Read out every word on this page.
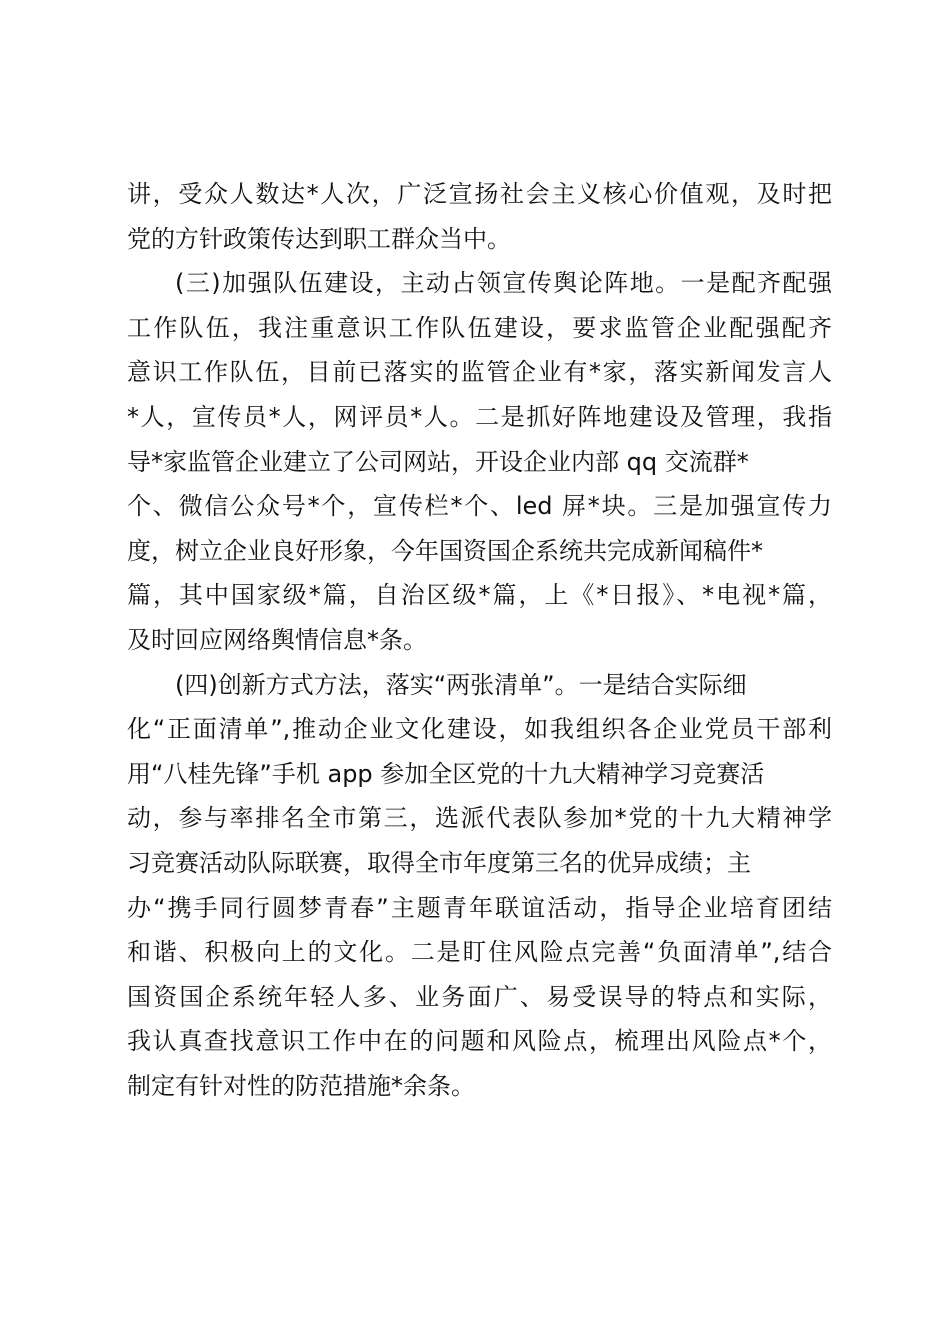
讲，受众人数达*人次，广泛宣扬社会主义核心价值观，及时把
党的方针政策传达到职工群众当中。
(三)加强队伍建设，主动占领宣传舆论阵地。一是配齐配强
工作队伍，我注重意识工作队伍建设，要求监管企业配强配齐
意识工作队伍，目前已落实的监管企业有*家，落实新闻发言人
*人，宣传员*人，网评员*人。二是抓好阵地建设及管理，我指
导*家监管企业建立了公司网站，开设企业内部 qq 交流群*
个、微信公众号*个，宣传栏*个、led 屏*块。三是加强宣传力
度，树立企业良好形象，今年国资国企系统共完成新闻稿件*
篇，其中国家级*篇，自治区级*篇，上《*日报》、*电视*篇，
及时回应网络舆情信息*条。
(四)创新方式方法，落实“两张清单”。一是结合实际细
化“正面清单”,推动企业文化建设，如我组织各企业党员干部利
用“八桂先锋”手机 app 参加全区党的十九大精神学习竞赛活
动，参与率排名全市第三，选派代表队参加*党的十九大精神学
习竞赛活动队际联赛，取得全市年度第三名的优异成绩；主
办“携手同行圆梦青春”主题青年联谊活动，指导企业培育团结
和谐、积极向上的文化。二是盯住风险点完善“负面清单”,结合
国资国企系统年轻人多、业务面广、易受误导的特点和实际，
我认真查找意识工作中在的问题和风险点，梳理出风险点*个，
制定有针对性的防范措施*余条。
